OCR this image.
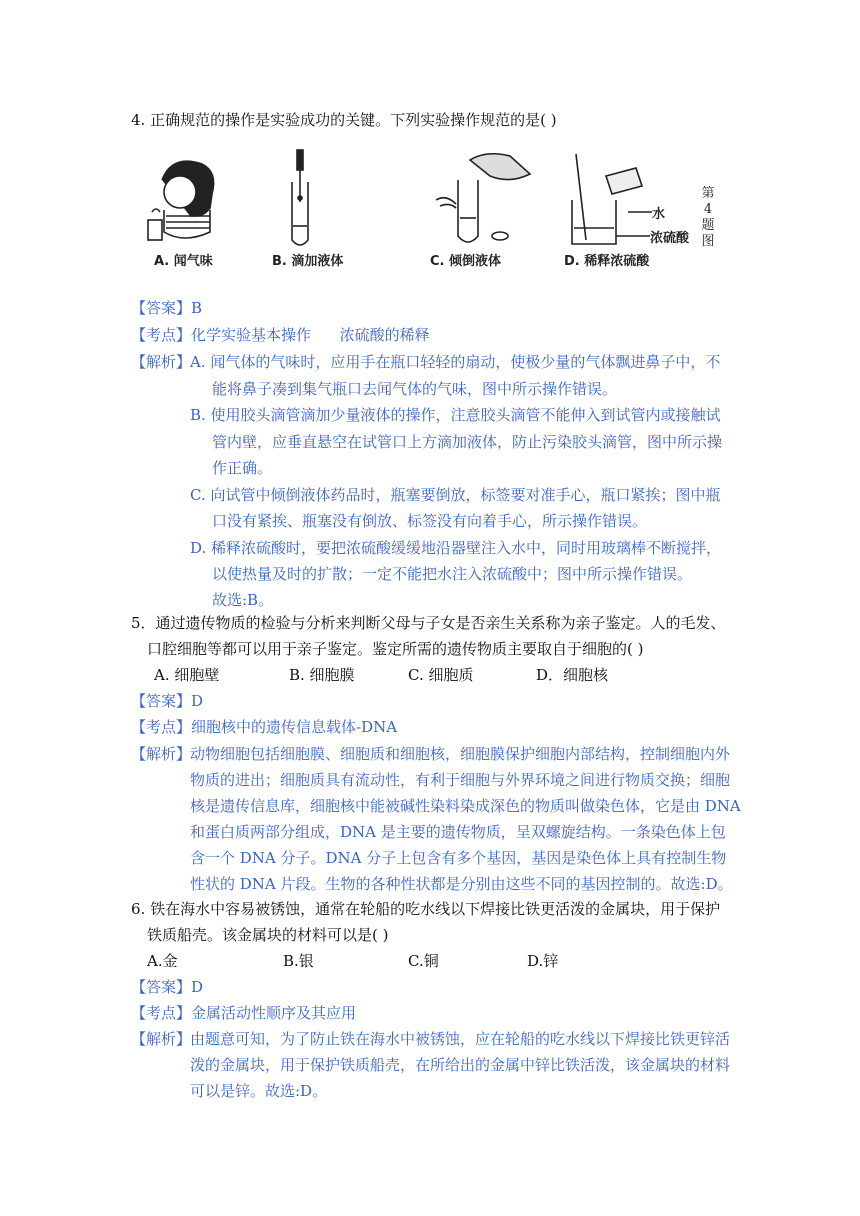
4. 正确规范的操作是实验成功的关键。下列实验操作规范的是( )
A. 闻气味	B. 滴加液体	C. 倾倒液体	D. 稀释浓硫酸
水
浓硫酸
第
4
题
图
【答案】B
【考点】化学实验基本操作      浓硫酸的稀释
【解析】
A. 闻气体的气味时，应用手在瓶口轻轻的扇动，使极少量的气体飘进鼻子中，不
能将鼻子凑到集气瓶口去闻气体的气味，图中所示操作错误。
B. 使用胶头滴管滴加少量液体的操作，注意胶头滴管不能伸入到试管内或接触试
管内壁，应垂直悬空在试管口上方滴加液体，防止污染胶头滴管，图中所示操
作正确。
C. 向试管中倾倒液体药品时，瓶塞要倒放，标签要对准手心，瓶口紧挨；图中瓶
口没有紧挨、瓶塞没有倒放、标签没有向着手心，所示操作错误。
D. 稀释浓硫酸时，要把浓硫酸缓缓地沿器壁注入水中，同时用玻璃棒不断搅拌，
以使热量及时的扩散；一定不能把水注入浓硫酸中；图中所示操作错误。
故选:B。
5．通过遗传物质的检验与分析来判断父母与子女是否亲生关系称为亲子鉴定。人的毛发、
口腔细胞等都可以用于亲子鉴定。鉴定所需的遗传物质主要取自于细胞的( )
A. 细胞壁	B. 细胞膜	C. 细胞质	D．细胞核
【答案】D
【考点】细胞核中的遗传信息载体-DNA
【解析】
动物细胞包括细胞膜、细胞质和细胞核，细胞膜保护细胞内部结构，控制细胞内外
物质的进出；细胞质具有流动性，有利于细胞与外界环境之间进行物质交换；细胞
核是遗传信息库，细胞核中能被碱性染料染成深色的物质叫做染色体，它是由 DNA
和蛋白质两部分组成，DNA 是主要的遗传物质，呈双螺旋结构。一条染色体上包
含一个 DNA 分子。DNA 分子上包含有多个基因，基因是染色体上具有控制生物
性状的 DNA 片段。生物的各种性状都是分别由这些不同的基因控制的。故选:D。
6. 铁在海水中容易被锈蚀，通常在轮船的吃水线以下焊接比铁更活泼的金属块，用于保护
铁质船壳。该金属块的材料可以是( )
A.金	B.银	C.铜	D.锌
【答案】D
【考点】金属活动性顺序及其应用
【解析】
由题意可知，为了防止铁在海水中被锈蚀，应在轮船的吃水线以下焊接比铁更锌活
泼的金属块，用于保护铁质船壳，在所给出的金属中锌比铁活泼，该金属块的材料
可以是锌。故选:D。
